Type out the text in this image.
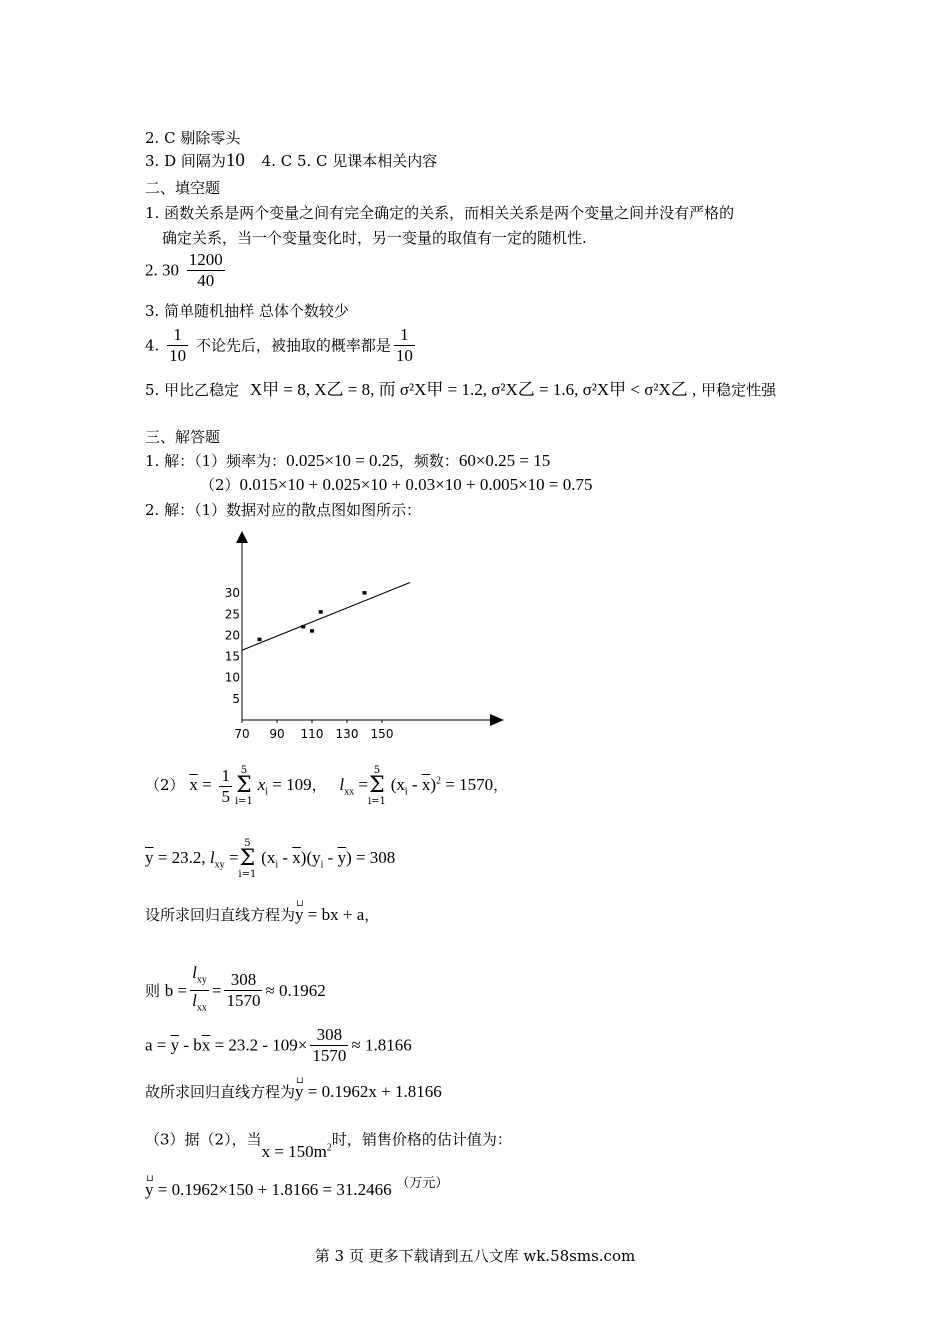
2. C 剔除零头
3. D 间隔为10 4. C 5. C 见课本相关内容
二、填空题
1. 函数关系是两个变量之间有完全确定的关系，而相关关系是两个变量之间并没有严格的
确定关系，当一个变量变化时，另一变量的取值有一定的随机性.
2. $30 \frac{1200}{40}$
3. 简单随机抽样 总体个数较少
4. $\frac{1}{10}$ 不论先后，被抽取的概率都是 $\frac{1}{10}$
5. 甲比乙稳定 X甲 = 8, X乙 = 8, 而 σ²X甲 = 1.2, σ²X乙 = 1.6, σ²X甲 < σ²X乙 , 甲稳定性强
三、解答题
1. 解：（1）频率为：0.025×10 = 0.25，频数：60×0.25 = 15
（2）0.015×10 + 0.025×10 + 0.03×10 + 0.005×10 = 0.75
2. 解：（1）数据对应的散点图如图所示：
70 90 110 130 150
5
10
15
20
25
30
（2） $\overline{x} = \frac{1}{5} 5$
Σ
i=1 $x_i = 109$， $l_{xx} =5$
Σ
i=1 $(x_i - \overline{x})^2 = 1570$，
$\overline{y} = 23.2$, $l_{xy} =5$
Σ
i=1 $(x_i - \overline{x})(y_i - \overline{y}) = 308$
设所求回归直线方程为⊔ y = bx + a，
则 $b = \frac{l_{xy}}{l_{xx}} = \frac{308}{1570} \approx 0.1962$
$a = \overline{y} - b\overline{x} = 23.2 - 109\times \frac{308}{1570} \approx 1.8166$
故所求回归直线方程为⊔ y = 0.1962x + 1.8166
（3）据（2），当$x = 150m^2$时，销售价格的估计值为：
⊔ y = 0.1962×150 + 1.8166 = 31.2466 （万元）
第 3 页 更多下载请到五八文库 wk.58sms.com
